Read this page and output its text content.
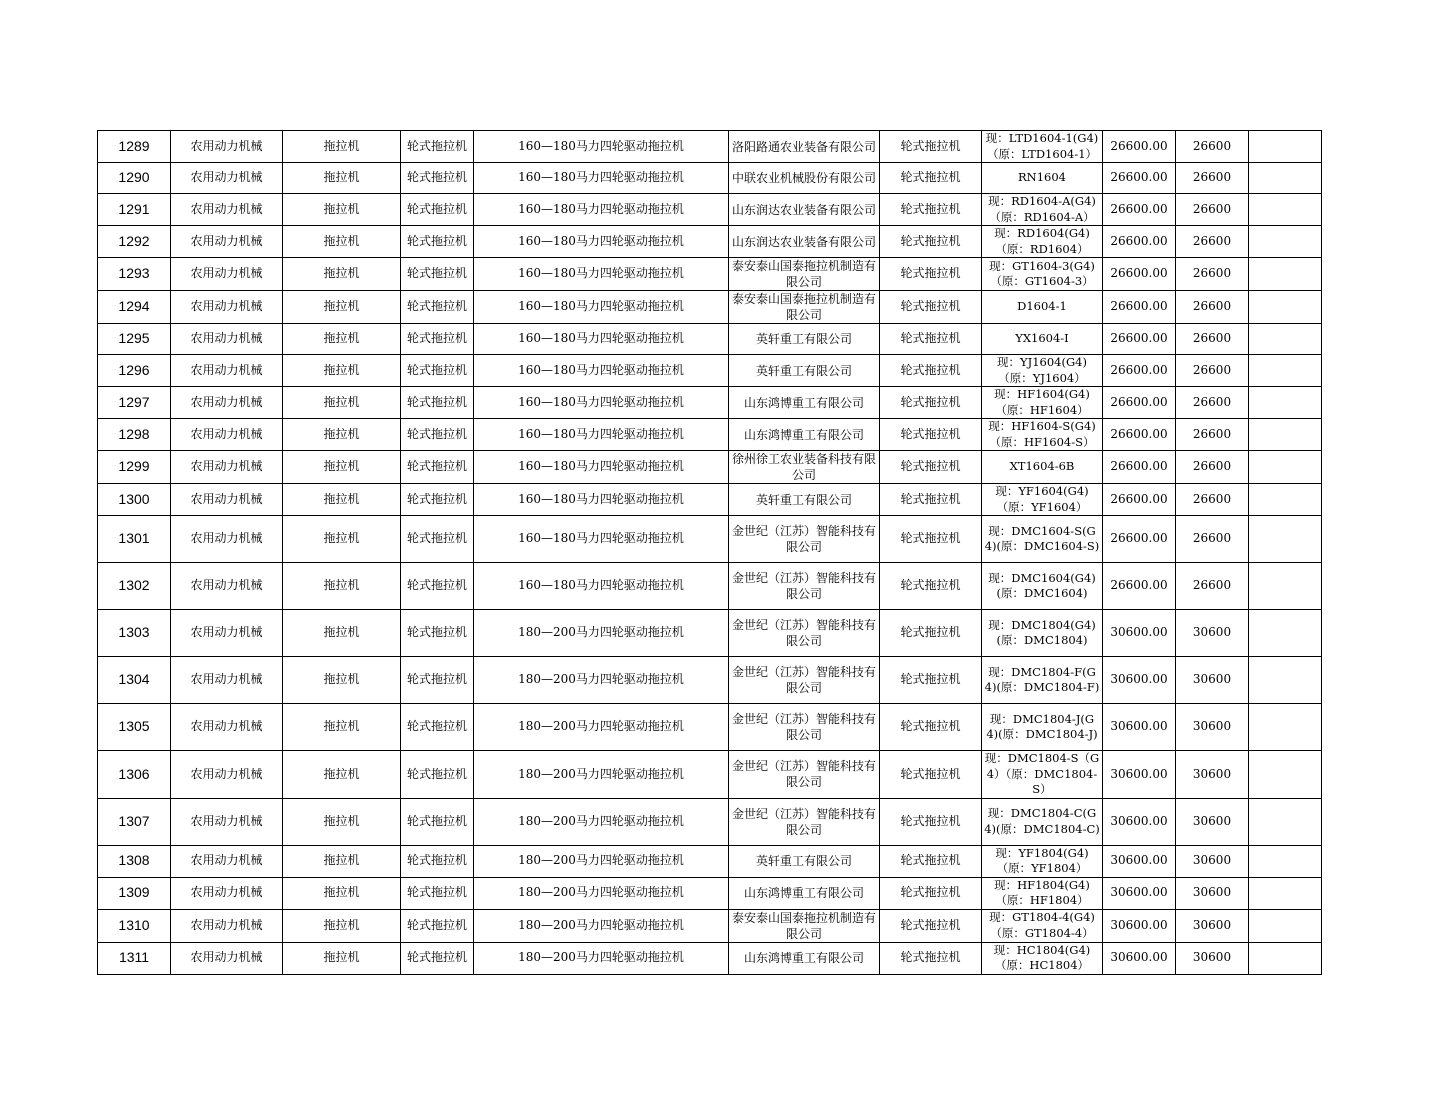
1289	农用动力机械	拖拉机	轮式拖拉机	160—180马力四轮驱动拖拉机	洛阳路通农业装备有限公司	轮式拖拉机	现：LTD1604-1(G4)（原：LTD1604-1）	26600.00	26600	
1290	农用动力机械	拖拉机	轮式拖拉机	160—180马力四轮驱动拖拉机	中联农业机械股份有限公司	轮式拖拉机	RN1604	26600.00	26600	
1291	农用动力机械	拖拉机	轮式拖拉机	160—180马力四轮驱动拖拉机	山东润达农业装备有限公司	轮式拖拉机	现：RD1604-A(G4)（原：RD1604-A）	26600.00	26600	
1292	农用动力机械	拖拉机	轮式拖拉机	160—180马力四轮驱动拖拉机	山东润达农业装备有限公司	轮式拖拉机	现：RD1604(G4)（原：RD1604）	26600.00	26600	
1293	农用动力机械	拖拉机	轮式拖拉机	160—180马力四轮驱动拖拉机	泰安泰山国泰拖拉机制造有限公司	轮式拖拉机	现：GT1604-3(G4)（原：GT1604-3）	26600.00	26600	
1294	农用动力机械	拖拉机	轮式拖拉机	160—180马力四轮驱动拖拉机	泰安泰山国泰拖拉机制造有限公司	轮式拖拉机	D1604-1	26600.00	26600	
1295	农用动力机械	拖拉机	轮式拖拉机	160—180马力四轮驱动拖拉机	英轩重工有限公司	轮式拖拉机	YX1604-I	26600.00	26600	
1296	农用动力机械	拖拉机	轮式拖拉机	160—180马力四轮驱动拖拉机	英轩重工有限公司	轮式拖拉机	现：YJ1604(G4)（原：YJ1604）	26600.00	26600	
1297	农用动力机械	拖拉机	轮式拖拉机	160—180马力四轮驱动拖拉机	山东鸿博重工有限公司	轮式拖拉机	现：HF1604(G4)（原：HF1604）	26600.00	26600	
1298	农用动力机械	拖拉机	轮式拖拉机	160—180马力四轮驱动拖拉机	山东鸿博重工有限公司	轮式拖拉机	现：HF1604-S(G4)（原：HF1604-S）	26600.00	26600	
1299	农用动力机械	拖拉机	轮式拖拉机	160—180马力四轮驱动拖拉机	徐州徐工农业装备科技有限公司	轮式拖拉机	XT1604-6B	26600.00	26600	
1300	农用动力机械	拖拉机	轮式拖拉机	160—180马力四轮驱动拖拉机	英轩重工有限公司	轮式拖拉机	现：YF1604(G4)（原：YF1604）	26600.00	26600	
1301	农用动力机械	拖拉机	轮式拖拉机	160—180马力四轮驱动拖拉机	金世纪（江苏）智能科技有限公司	轮式拖拉机	现：DMC1604-S(G4)(原：DMC1604-S)	26600.00	26600	
1302	农用动力机械	拖拉机	轮式拖拉机	160—180马力四轮驱动拖拉机	金世纪（江苏）智能科技有限公司	轮式拖拉机	现：DMC1604(G4)(原：DMC1604)	26600.00	26600	
1303	农用动力机械	拖拉机	轮式拖拉机	180—200马力四轮驱动拖拉机	金世纪（江苏）智能科技有限公司	轮式拖拉机	现：DMC1804(G4)(原：DMC1804)	30600.00	30600	
1304	农用动力机械	拖拉机	轮式拖拉机	180—200马力四轮驱动拖拉机	金世纪（江苏）智能科技有限公司	轮式拖拉机	现：DMC1804-F(G4)(原：DMC1804-F)	30600.00	30600	
1305	农用动力机械	拖拉机	轮式拖拉机	180—200马力四轮驱动拖拉机	金世纪（江苏）智能科技有限公司	轮式拖拉机	现：DMC1804-J(G4)(原：DMC1804-J)	30600.00	30600	
1306	农用动力机械	拖拉机	轮式拖拉机	180—200马力四轮驱动拖拉机	金世纪（江苏）智能科技有限公司	轮式拖拉机	现：DMC1804-S（G4）（原：DMC1804-S）	30600.00	30600	
1307	农用动力机械	拖拉机	轮式拖拉机	180—200马力四轮驱动拖拉机	金世纪（江苏）智能科技有限公司	轮式拖拉机	现：DMC1804-C(G4)(原：DMC1804-C)	30600.00	30600	
1308	农用动力机械	拖拉机	轮式拖拉机	180—200马力四轮驱动拖拉机	英轩重工有限公司	轮式拖拉机	现：YF1804(G4)（原：YF1804）	30600.00	30600	
1309	农用动力机械	拖拉机	轮式拖拉机	180—200马力四轮驱动拖拉机	山东鸿博重工有限公司	轮式拖拉机	现：HF1804(G4)（原：HF1804）	30600.00	30600	
1310	农用动力机械	拖拉机	轮式拖拉机	180—200马力四轮驱动拖拉机	泰安泰山国泰拖拉机制造有限公司	轮式拖拉机	现：GT1804-4(G4)（原：GT1804-4）	30600.00	30600	
1311	农用动力机械	拖拉机	轮式拖拉机	180—200马力四轮驱动拖拉机	山东鸿博重工有限公司	轮式拖拉机	现：HC1804(G4)（原：HC1804）	30600.00	30600	
